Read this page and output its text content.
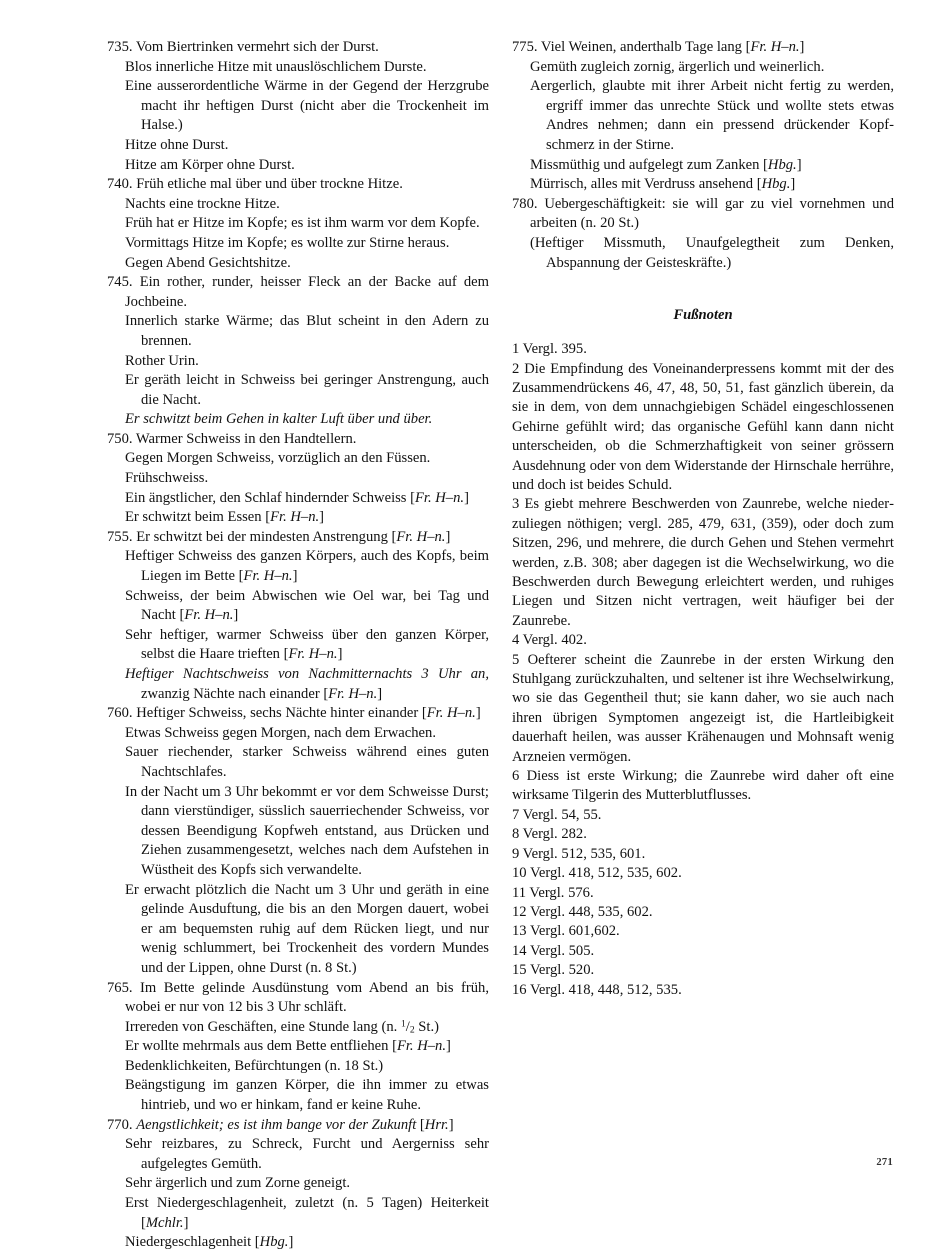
735. Vom Biertrinken vermehrt sich der Durst.

Blos innerliche Hitze mit unauslöschlichem Durste.

Eine ausserordentliche Wärme in der Gegend der Herzgrube macht ihr heftigen Durst (nicht aber die Trockenheit im Halse.)

Hitze ohne Durst.

Hitze am Körper ohne Durst.

740. Früh etliche mal über und über trockne Hitze.

Nachts eine trockne Hitze.

Früh hat er Hitze im Kopfe; es ist ihm warm vor dem Kopfe.

Vormittags Hitze im Kopfe; es wollte zur Stirne heraus.

Gegen Abend Gesichtshitze.

745. Ein rother, runder, heisser Fleck an der Backe auf dem Jochbeine.

Innerlich starke Wärme; das Blut scheint in den Adern zu brennen.

Rother Urin.

Er geräth leicht in Schweiss bei geringer Anstrengung, auch die Nacht.

Er schwitzt beim Gehen in kalter Luft über und über.

750. Warmer Schweiss in den Handtellern.

Gegen Morgen Schweiss, vorzüglich an den Füssen.

Frühschweiss.

Ein ängstlicher, den Schlaf hindernder Schweiss [Fr. H–n.]

Er schwitzt beim Essen [Fr. H–n.]

755. Er schwitzt bei der mindesten Anstrengung [Fr. H–n.]

Heftiger Schweiss des ganzen Körpers, auch des Kopfs, beim Liegen im Bette [Fr. H–n.]

Schweiss, der beim Abwischen wie Oel war, bei Tag und Nacht [Fr. H–n.]

Sehr heftiger, warmer Schweiss über den ganzen Körper, selbst die Haare trieften [Fr. H–n.]

Heftiger Nachtschweiss von Nachmitternachts 3 Uhr an, zwanzig Nächte nach einander [Fr. H–n.]

760. Heftiger Schweiss, sechs Nächte hinter einander [Fr. H–n.]

Etwas Schweiss gegen Morgen, nach dem Erwachen.

Sauer riechender, starker Schweiss während eines guten Nachtschlafes.

In der Nacht um 3 Uhr bekommt er vor dem Schweisse Durst; dann vierstündiger, süsslich sauerriechender Schweiss, vor dessen Beendigung Kopfweh entstand, aus Drücken und Ziehen zusammengesetzt, welches nach dem Aufstehen in Wüstheit des Kopfs sich verwandelte.

Er erwacht plötzlich die Nacht um 3 Uhr und geräth in eine gelinde Ausduftung, die bis an den Morgen dauert, wobei er am bequemsten ruhig auf dem Rücken liegt, und nur wenig schlummert, bei Trockenheit des vordern Mundes und der Lippen, ohne Durst (n. 8 St.)

765. Im Bette gelinde Ausdünstung vom Abend an bis früh, wobei er nur von 12 bis 3 Uhr schläft.

Irrereden von Geschäften, eine Stunde lang (n. $^1/_2$ St.)

Er wollte mehrmals aus dem Bette entfliehen [Fr. H–n.]

Bedenklichkeiten, Befürchtungen (n. 18 St.)

Beängstigung im ganzen Körper, die ihn immer zu etwas hintrieb, und wo er hinkam, fand er keine Ruhe.

770. Aengstlichkeit; es ist ihm bange vor der Zukunft [Hrr.]

Sehr reizbares, zu Schreck, Furcht und Aergerniss sehr aufgelegtes Gemüth.

Sehr ärgerlich und zum Zorne geneigt.

Erst Niedergeschlagenheit, zuletzt (n. 5 Tagen) Heiterkeit [Mchlr.]

Niedergeschlagenheit [Hbg.]

775. Viel Weinen, anderthalb Tage lang [Fr. H–n.]

Gemüth zugleich zornig, ärgerlich und weinerlich.

Aergerlich, glaubte mit ihrer Arbeit nicht fertig zu werden, ergriff immer das unrechte Stück und wollte stets etwas Andres nehmen; dann ein pressend drückender Kopfschmerz in der Stirne.

Missmüthig und aufgelegt zum Zanken [Hbg.]

Mürrisch, alles mit Verdruss ansehend [Hbg.]

780. Uebergeschäftigkeit: sie will gar zu viel vornehmen und arbeiten (n. 20 St.)

(Heftiger Missmuth, Unaufgelegtheit zum Denken, Abspannung der Geisteskräfte.)

Fußnoten

1 Vergl. 395.

2 Die Empfindung des Voneinanderpressens kommt mit der des Zusammendrückens 46, 47, 48, 50, 51, fast gänzlich überein, da sie in dem, von dem unnachgiebigen Schädel eingeschlossenen Gehirne gefühlt wird; das organische Gefühl kann dann nicht unterscheiden, ob die Schmerzhaftigkeit von seiner grössern Ausdehnung oder von dem Widerstande der Hirnschale herrühre, und doch ist beides Schuld.

3 Es giebt mehrere Beschwerden von Zaunrebe, welche niederzuliegen nöthigen; vergl. 285, 479, 631, (359), oder doch zum Sitzen, 296, und mehrere, die durch Gehen und Stehen vermehrt werden, z.B. 308; aber dagegen ist die Wechselwirkung, wo die Beschwerden durch Bewegung erleichtert werden, und ruhiges Liegen und Sitzen nicht vertragen, weit häufiger bei der Zaunrebe.

4 Vergl. 402.

5 Oefterer scheint die Zaunrebe in der ersten Wirkung den Stuhlgang zurückzuhalten, und seltener ist ihre Wechselwirkung, wo sie das Gegentheil thut; sie kann daher, wo sie auch nach ihren übrigen Symptomen angezeigt ist, die Hartleibigkeit dauerhaft heilen, was ausser Krähenaugen und Mohnsaft wenig Arzneien vermögen.

6 Diess ist erste Wirkung; die Zaunrebe wird daher oft eine wirksame Tilgerin des Mutterblutflusses.

7 Vergl. 54, 55.

8 Vergl. 282.

9 Vergl. 512, 535, 601.

10 Vergl. 418, 512, 535, 602.

11 Vergl. 576.

12 Vergl. 448, 535, 602.

13 Vergl. 601,602.

14 Vergl. 505.

15 Vergl. 520.

16 Vergl. 418, 448, 512, 535.

271
